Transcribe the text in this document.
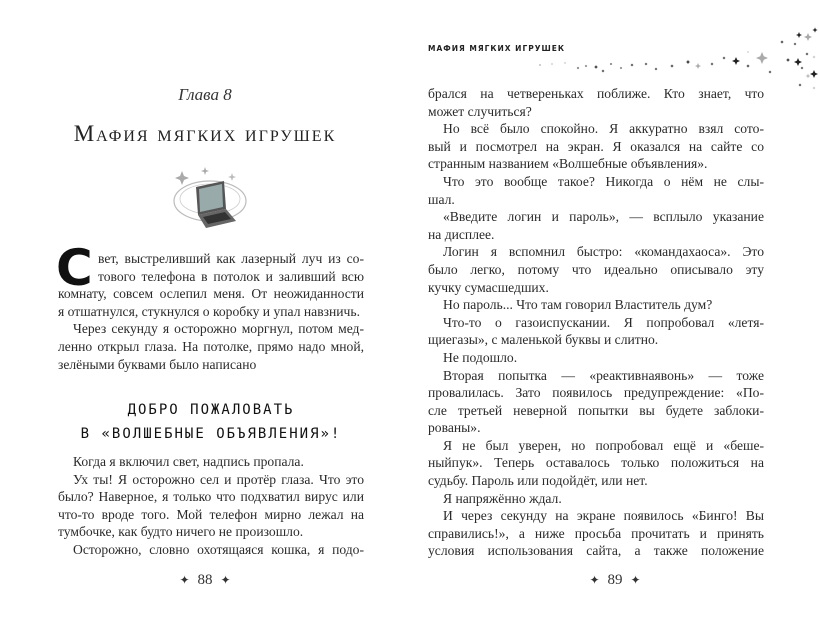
Глава 8
Мафия мягких игрушек
С вет, выстреливший как лазерный луч из со-
тового телефона в потолок и заливший всю
комнату, совсем ослепил меня. От неожиданности
я отшатнулся, стукнулся о коробку и упал навзничь.
Через секунду я осторожно моргнул, потом мед-
ленно открыл глаза. На потолке, прямо надо мной,
зелёными буквами было написано
ДОБРО ПОЖАЛОВАТЬ
В «ВОЛШЕБНЫЕ ОБЪЯВЛЕНИЯ»!
Когда я включил свет, надпись пропала.
Ух ты! Я осторожно сел и протёр глаза. Что это
было? Наверное, я только что подхватил вирус или
что-то вроде того. Мой телефон мирно лежал на
тумбочке, как будто ничего не произошло.
Осторожно, словно охотящаяся кошка, я подо-
✦ 88 ✦
МАФИЯ МЯГКИХ ИГРУШЕК
брался на четвереньках поближе. Кто знает, что
может случиться?
Но всё было спокойно. Я аккуратно взял сото-
вый и посмотрел на экран. Я оказался на сайте со
странным названием «Волшебные объявления».
Что это вообще такое? Никогда о нём не слы-
шал.
«Введите логин и пароль», — всплыло указание
на дисплее.
Логин я вспомнил быстро: «командахаоса». Это
было легко, потому что идеально описывало эту
кучку сумасшедших.
Но пароль... Что там говорил Властитель дум?
Что-то о газоиспускании. Я попробовал «летя-
щиегазы», с маленькой буквы и слитно.
Не подошло.
Вторая попытка — «реактивнаявонь» — тоже
провалилась. Зато появилось предупреждение: «По-
сле третьей неверной попытки вы будете заблоки-
рованы».
Я не был уверен, но попробовал ещё и «беше-
ныйпук». Теперь оставалось только положиться на
судьбу. Пароль или подойдёт, или нет.
Я напряжённо ждал.
И через секунду на экране появилось «Бинго! Вы
справились!», а ниже просьба прочитать и принять
условия использования сайта, а также положение
✦ 89 ✦
